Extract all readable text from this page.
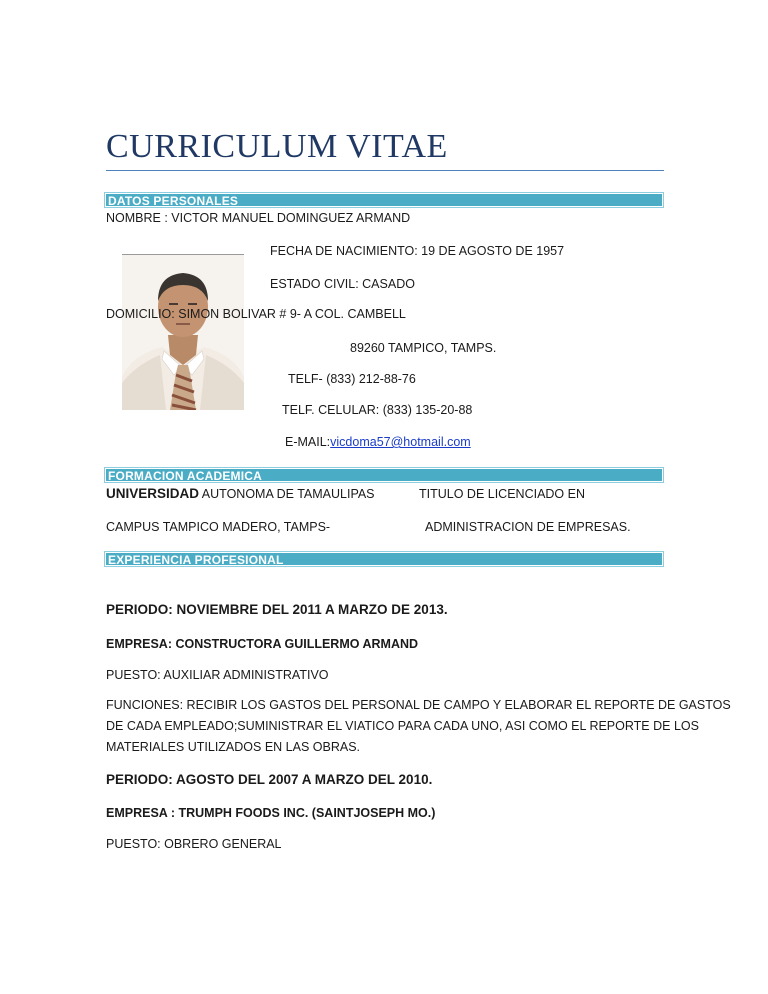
CURRICULUM VITAE
DATOS PERSONALES
NOMBRE : VICTOR MANUEL DOMINGUEZ ARMAND
FECHA DE NACIMIENTO: 19 DE AGOSTO DE 1957
ESTADO CIVIL: CASADO
DOMICILIO: SIMON BOLIVAR # 9- A COL. CAMBELL
89260 TAMPICO, TAMPS.
TELF- (833) 212-88-76
TELF. CELULAR: (833) 135-20-88
E-MAIL:vicdoma57@hotmail.com
FORMACION ACADEMICA
UNIVERSIDAD AUTONOMA DE TAMAULIPAS	TITULO DE LICENCIADO EN
CAMPUS TAMPICO MADERO, TAMPS-	ADMINISTRACION DE EMPRESAS.
EXPERIENCIA PROFESIONAL
PERIODO: NOVIEMBRE DEL 2011 A MARZO DE 2013.
EMPRESA: CONSTRUCTORA GUILLERMO ARMAND
PUESTO: AUXILIAR ADMINISTRATIVO
FUNCIONES: RECIBIR LOS GASTOS DEL PERSONAL DE CAMPO Y ELABORAR EL REPORTE DE GASTOS
DE CADA EMPLEADO;SUMINISTRAR EL VIATICO PARA CADA UNO, ASI COMO EL REPORTE DE LOS
MATERIALES UTILIZADOS EN LAS OBRAS.
PERIODO: AGOSTO DEL 2007 A MARZO DEL 2010.
EMPRESA : TRUMPH FOODS INC. (SAINTJOSEPH MO.)
PUESTO: OBRERO GENERAL
